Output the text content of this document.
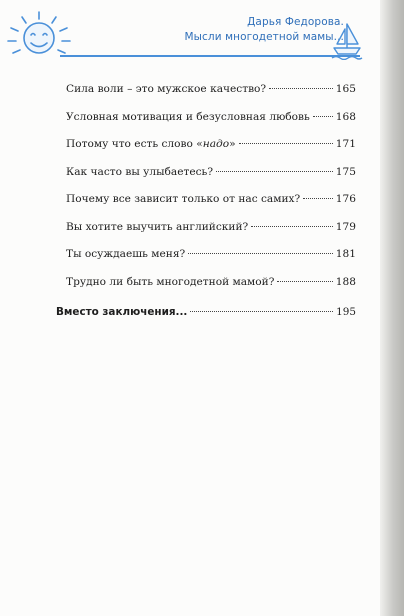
Дарья Федорова.
Мысли многодетной мамы...
Сила воли – это мужское качество?	165
Условная мотивация и безусловная любовь 168
Потому что есть слово «надо»	171
Как часто вы улыбаетесь?	175
Почему все зависит только от нас самих?	176
Вы хотите выучить английский?	179
Ты осуждаешь меня?	181
Трудно ли быть многодетной мамой?	188
Вместо заключения...	195
